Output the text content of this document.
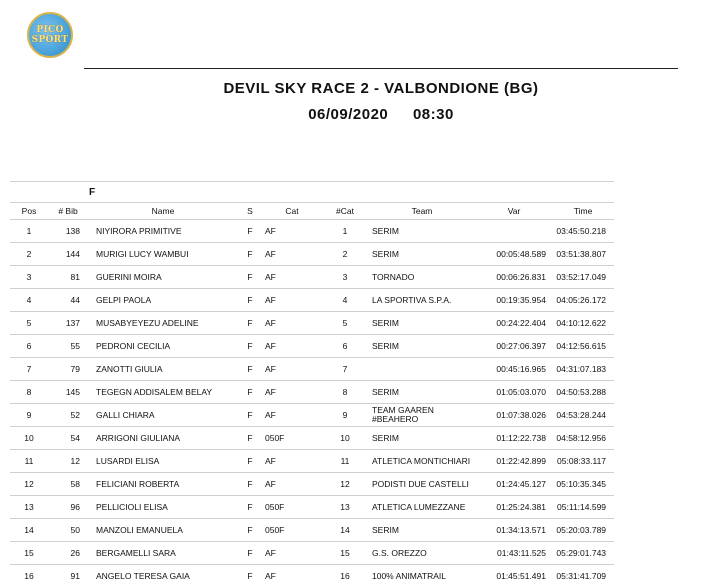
PICO
SPORT
DEVIL SKY RACE 2 - VALBONDIONE (BG)
06/09/2020 08:30
		F						
Pos	# Bib	Name	S	Cat	#Cat	Team	Var	Time
1	138	NIYIRORA PRIMITIVE	F	AF	1	SERIM		03:45:50.218
2	144	MURIGI LUCY WAMBUI	F	AF	2	SERIM	00:05:48.589	03:51:38.807
3	81	GUERINI MOIRA	F	AF	3	TORNADO	00:06:26.831	03:52:17.049
4	44	GELPI PAOLA	F	AF	4	LA SPORTIVA S.P.A.	00:19:35.954	04:05:26.172
5	137	MUSABYEYEZU ADELINE	F	AF	5	SERIM	00:24:22.404	04:10:12.622
6	55	PEDRONI CECILIA	F	AF	6	SERIM	00:27:06.397	04:12:56.615
7	79	ZANOTTI GIULIA	F	AF	7		00:45:16.965	04:31:07.183
8	145	TEGEGN ADDISALEM BELAY	F	AF	8	SERIM	01:05:03.070	04:50:53.288
9	52	GALLI CHIARA	F	AF	9	TEAM GAAREN #BEAHERO	01:07:38.026	04:53:28.244
10	54	ARRIGONI GIULIANA	F	050F	10	SERIM	01:12:22.738	04:58:12.956
11	12	LUSARDI ELISA	F	AF	11	ATLETICA MONTICHIARI	01:22:42.899	05:08:33.117
12	58	FELICIANI ROBERTA	F	AF	12	PODISTI DUE CASTELLI	01:24:45.127	05:10:35.345
13	96	PELLICIOLI ELISA	F	050F	13	ATLETICA LUMEZZANE	01:25:24.381	05:11:14.599
14	50	MANZOLI EMANUELA	F	050F	14	SERIM	01:34:13.571	05:20:03.789
15	26	BERGAMELLI SARA	F	AF	15	G.S. OREZZO	01:43:11.525	05:29:01.743
16	91	ANGELO TERESA GAIA	F	AF	16	100% ANIMATRAIL	01:45:51.491	05:31:41.709
